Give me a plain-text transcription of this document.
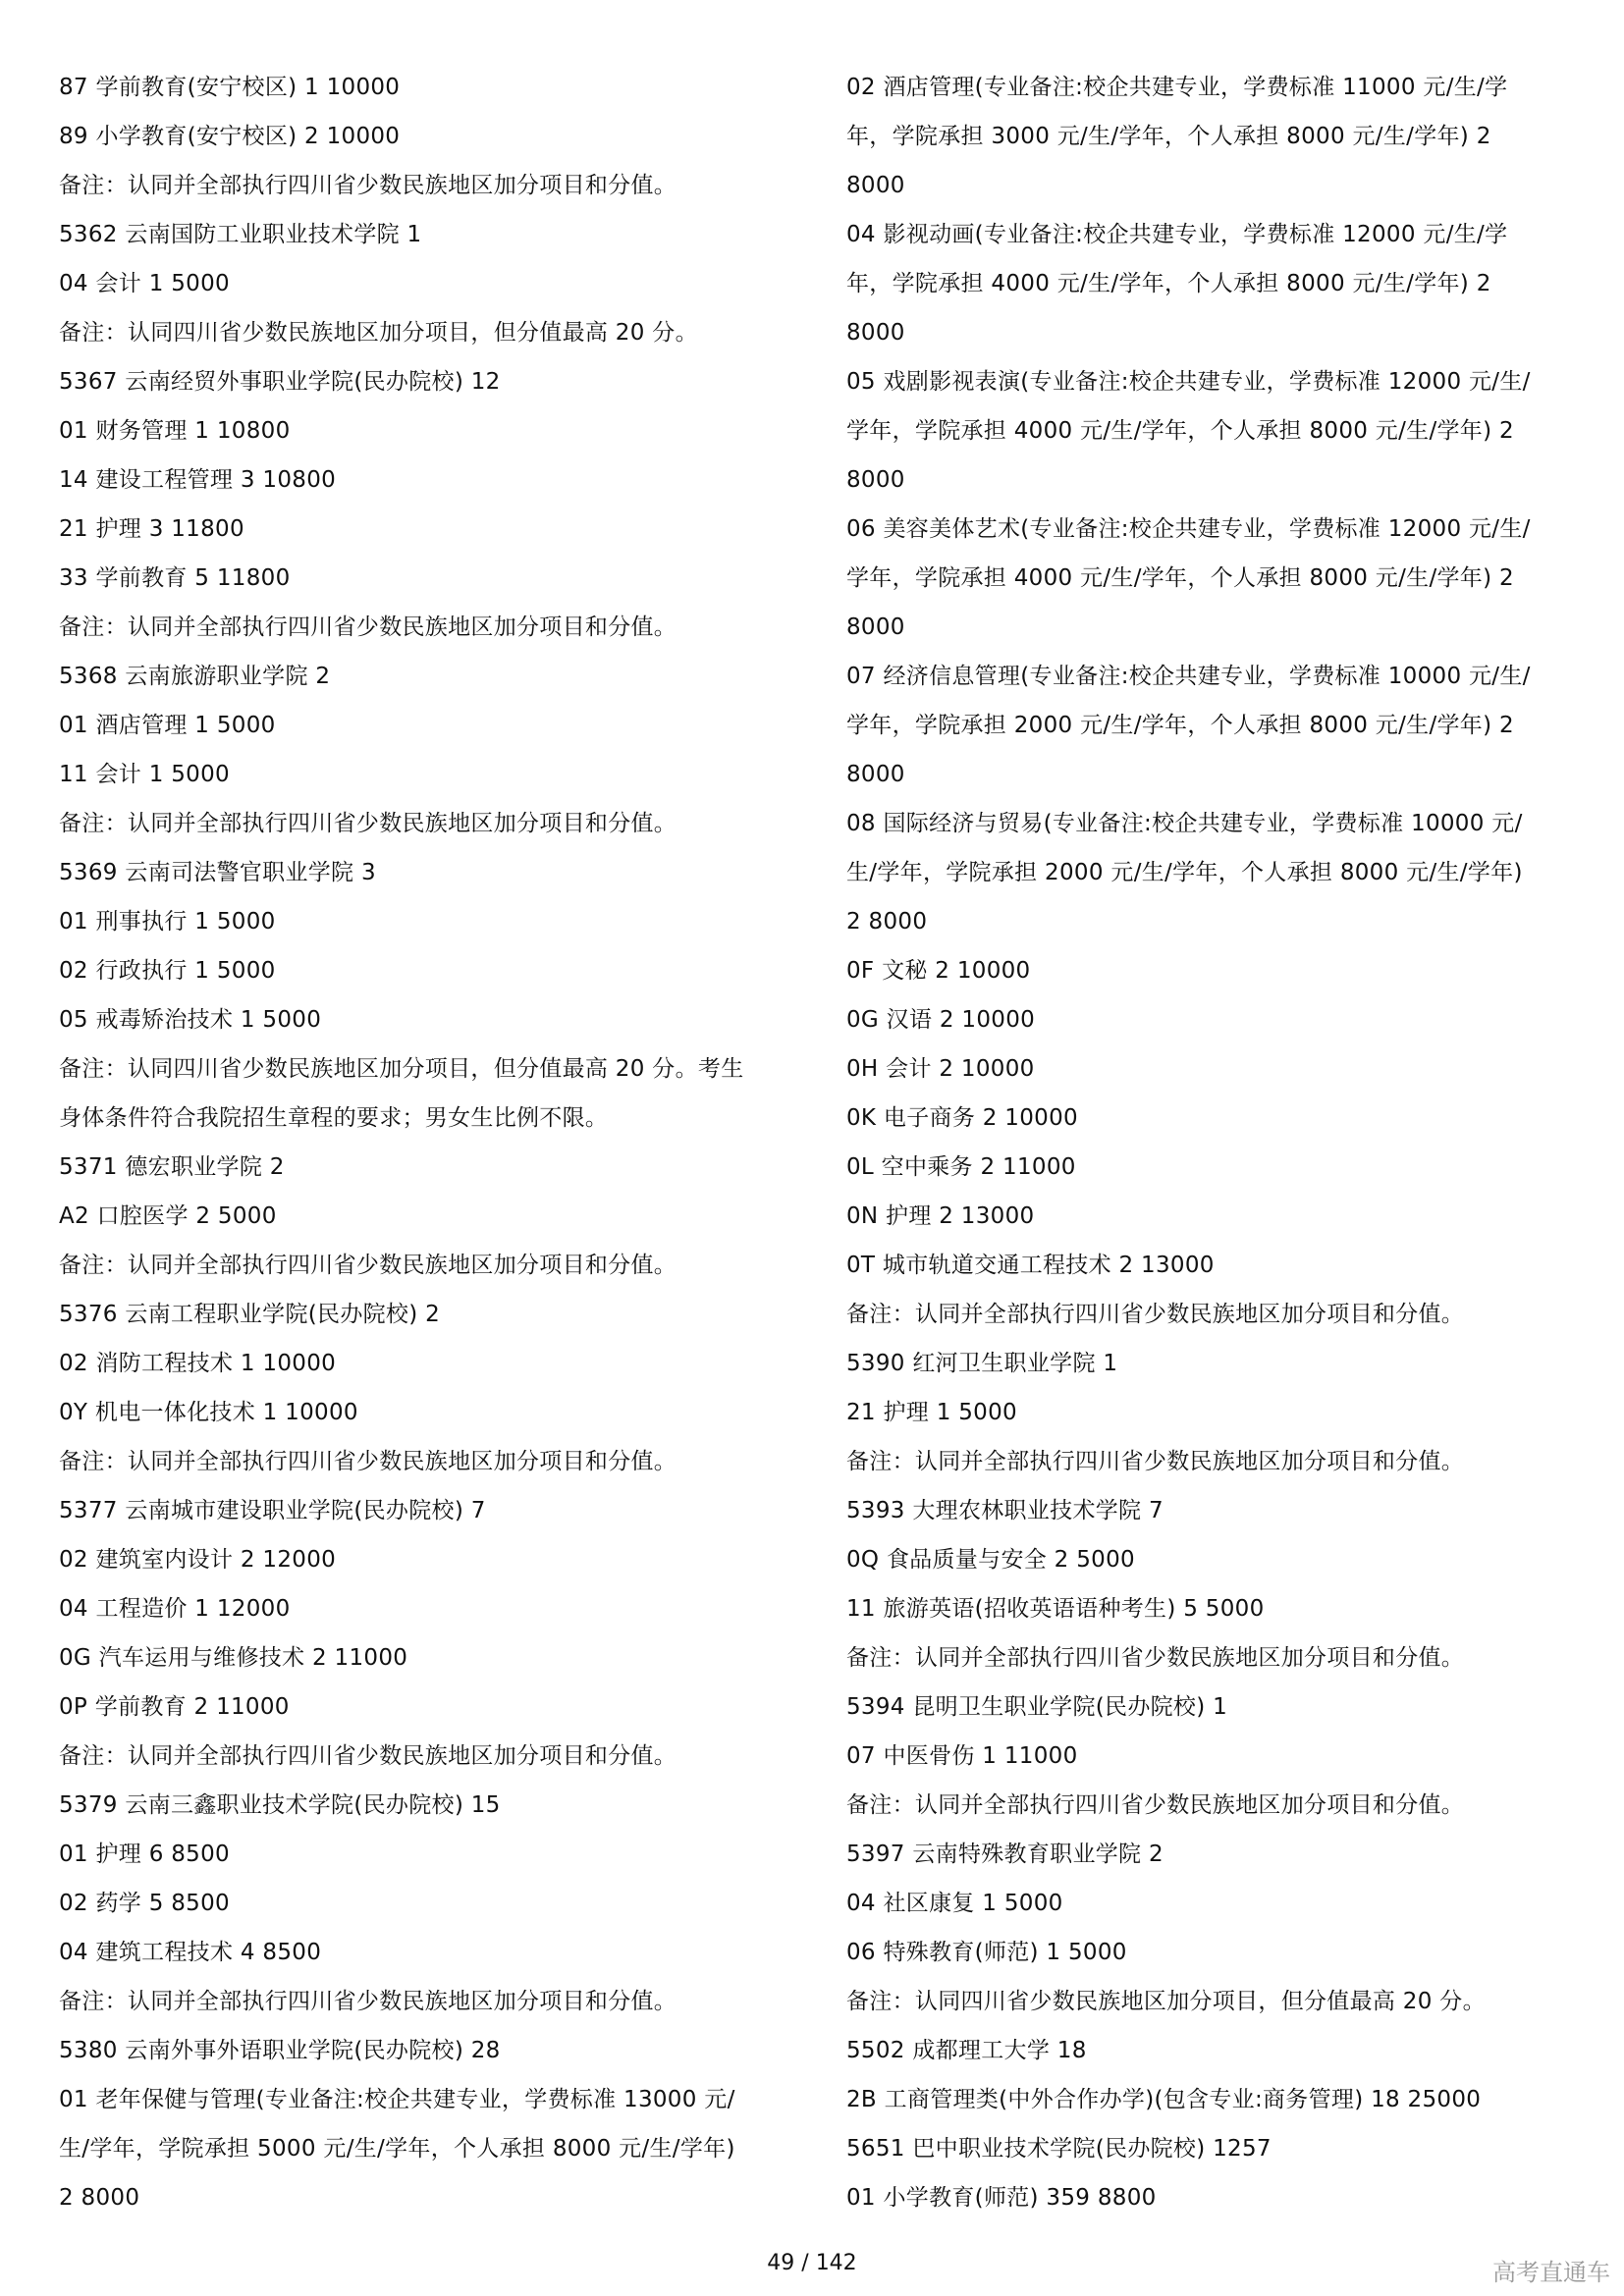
87 学前教育(安宁校区) 1 10000
89 小学教育(安宁校区) 2 10000
备注：认同并全部执行四川省少数民族地区加分项目和分值。
5362 云南国防工业职业技术学院 1
04 会计 1 5000
备注：认同四川省少数民族地区加分项目，但分值最高 20 分。
5367 云南经贸外事职业学院(民办院校) 12
01 财务管理 1 10800
14 建设工程管理 3 10800
21 护理 3 11800
33 学前教育 5 11800
备注：认同并全部执行四川省少数民族地区加分项目和分值。
5368 云南旅游职业学院 2
01 酒店管理 1 5000
11 会计 1 5000
备注：认同并全部执行四川省少数民族地区加分项目和分值。
5369 云南司法警官职业学院 3
01 刑事执行 1 5000
02 行政执行 1 5000
05 戒毒矫治技术 1 5000
备注：认同四川省少数民族地区加分项目，但分值最高 20 分。考生
身体条件符合我院招生章程的要求；男女生比例不限。
5371 德宏职业学院 2
A2 口腔医学 2 5000
备注：认同并全部执行四川省少数民族地区加分项目和分值。
5376 云南工程职业学院(民办院校) 2
02 消防工程技术 1 10000
0Y 机电一体化技术 1 10000
备注：认同并全部执行四川省少数民族地区加分项目和分值。
5377 云南城市建设职业学院(民办院校) 7
02 建筑室内设计 2 12000
04 工程造价 1 12000
0G 汽车运用与维修技术 2 11000
0P 学前教育 2 11000
备注：认同并全部执行四川省少数民族地区加分项目和分值。
5379 云南三鑫职业技术学院(民办院校) 15
01 护理 6 8500
02 药学 5 8500
04 建筑工程技术 4 8500
备注：认同并全部执行四川省少数民族地区加分项目和分值。
5380 云南外事外语职业学院(民办院校) 28
01 老年保健与管理(专业备注:校企共建专业，学费标准 13000 元/
生/学年，学院承担 5000 元/生/学年，个人承担 8000 元/生/学年)
2 8000
02 酒店管理(专业备注:校企共建专业，学费标准 11000 元/生/学
年，学院承担 3000 元/生/学年，个人承担 8000 元/生/学年) 2
8000
04 影视动画(专业备注:校企共建专业，学费标准 12000 元/生/学
年，学院承担 4000 元/生/学年，个人承担 8000 元/生/学年) 2
8000
05 戏剧影视表演(专业备注:校企共建专业，学费标准 12000 元/生/
学年，学院承担 4000 元/生/学年，个人承担 8000 元/生/学年) 2
8000
06 美容美体艺术(专业备注:校企共建专业，学费标准 12000 元/生/
学年，学院承担 4000 元/生/学年，个人承担 8000 元/生/学年) 2
8000
07 经济信息管理(专业备注:校企共建专业，学费标准 10000 元/生/
学年，学院承担 2000 元/生/学年，个人承担 8000 元/生/学年) 2
8000
08 国际经济与贸易(专业备注:校企共建专业，学费标准 10000 元/
生/学年，学院承担 2000 元/生/学年，个人承担 8000 元/生/学年)
2 8000
0F 文秘 2 10000
0G 汉语 2 10000
0H 会计 2 10000
0K 电子商务 2 10000
0L 空中乘务 2 11000
0N 护理 2 13000
0T 城市轨道交通工程技术 2 13000
备注：认同并全部执行四川省少数民族地区加分项目和分值。
5390 红河卫生职业学院 1
21 护理 1 5000
备注：认同并全部执行四川省少数民族地区加分项目和分值。
5393 大理农林职业技术学院 7
0Q 食品质量与安全 2 5000
11 旅游英语(招收英语语种考生) 5 5000
备注：认同并全部执行四川省少数民族地区加分项目和分值。
5394 昆明卫生职业学院(民办院校) 1
07 中医骨伤 1 11000
备注：认同并全部执行四川省少数民族地区加分项目和分值。
5397 云南特殊教育职业学院 2
04 社区康复 1 5000
06 特殊教育(师范) 1 5000
备注：认同四川省少数民族地区加分项目，但分值最高 20 分。
5502 成都理工大学 18
2B 工商管理类(中外合作办学)(包含专业:商务管理) 18 25000
5651 巴中职业技术学院(民办院校) 1257
01 小学教育(师范) 359 8800
49 / 142	高考直通车
